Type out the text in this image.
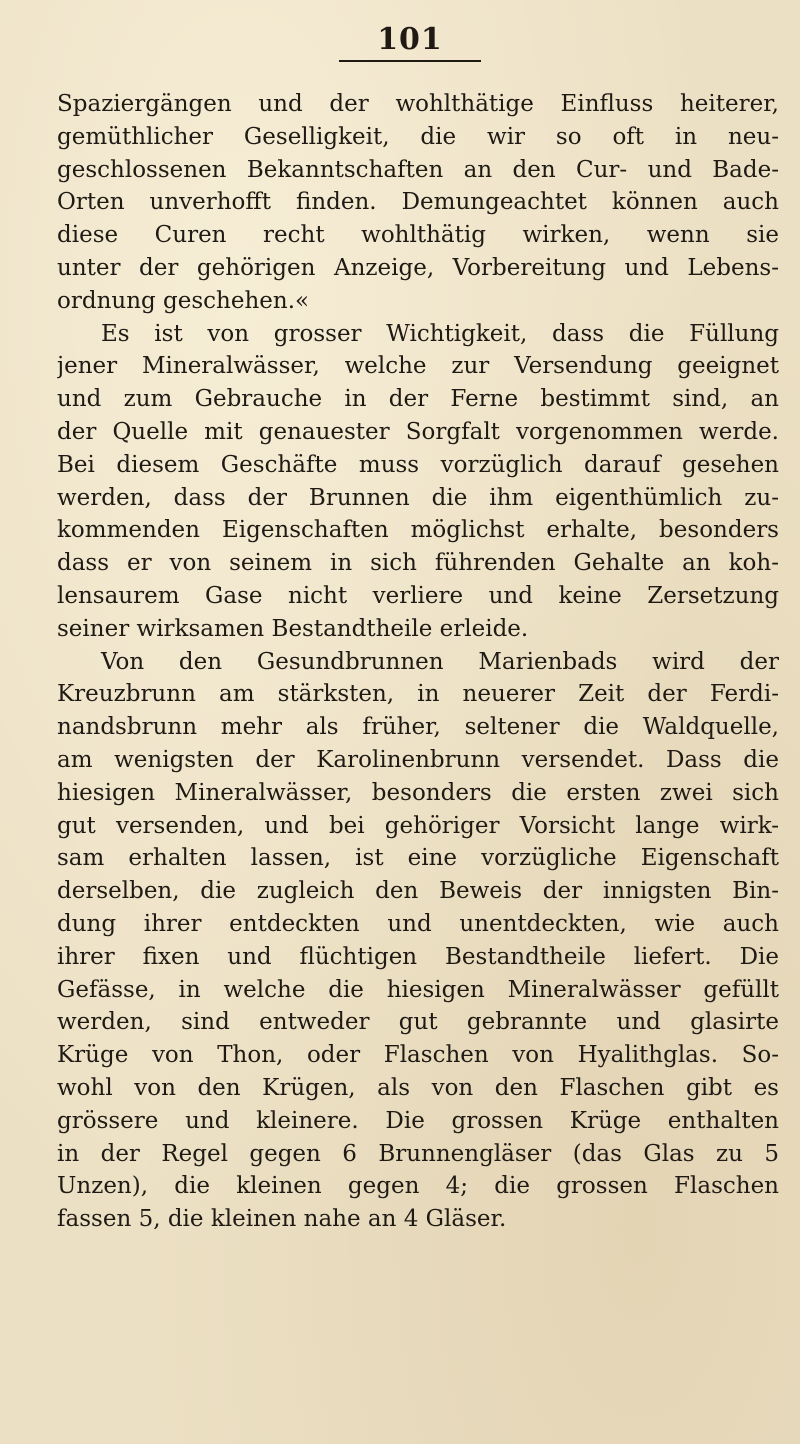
101
Spaziergängen und der wohlthätige Einfluss heiterer,
gemüthlicher Geselligkeit, die wir so oft in neu-
geschlossenen Bekanntschaften an den Cur- und Bade-
Orten unverhofft finden. Demungeachtet können auch
diese Curen recht wohlthätig wirken, wenn sie
unter der gehörigen Anzeige, Vorbereitung und Lebens-
ordnung geschehen.«
Es ist von grosser Wichtigkeit, dass die Füllung
jener Mineralwässer, welche zur Versendung geeignet
und zum Gebrauche in der Ferne bestimmt sind, an
der Quelle mit genauester Sorgfalt vorgenommen werde.
Bei diesem Geschäfte muss vorzüglich darauf gesehen
werden, dass der Brunnen die ihm eigenthümlich zu-
kommenden Eigenschaften möglichst erhalte, besonders
dass er von seinem in sich führenden Gehalte an koh-
lensaurem Gase nicht verliere und keine Zersetzung
seiner wirksamen Bestandtheile erleide.
Von den Gesundbrunnen Marienbads wird der
Kreuzbrunn am stärksten, in neuerer Zeit der Ferdi-
nandsbrunn mehr als früher, seltener die Waldquelle,
am wenigsten der Karolinenbrunn versendet. Dass die
hiesigen Mineralwässer, besonders die ersten zwei sich
gut versenden, und bei gehöriger Vorsicht lange wirk-
sam erhalten lassen, ist eine vorzügliche Eigenschaft
derselben, die zugleich den Beweis der innigsten Bin-
dung ihrer entdeckten und unentdeckten, wie auch
ihrer fixen und flüchtigen Bestandtheile liefert. Die
Gefässe, in welche die hiesigen Mineralwässer gefüllt
werden, sind entweder gut gebrannte und glasirte
Krüge von Thon, oder Flaschen von Hyalithglas. So-
wohl von den Krügen, als von den Flaschen gibt es
grössere und kleinere. Die grossen Krüge enthalten
in der Regel gegen 6 Brunnengläser (das Glas zu 5
Unzen), die kleinen gegen 4; die grossen Flaschen
fassen 5, die kleinen nahe an 4 Gläser.
